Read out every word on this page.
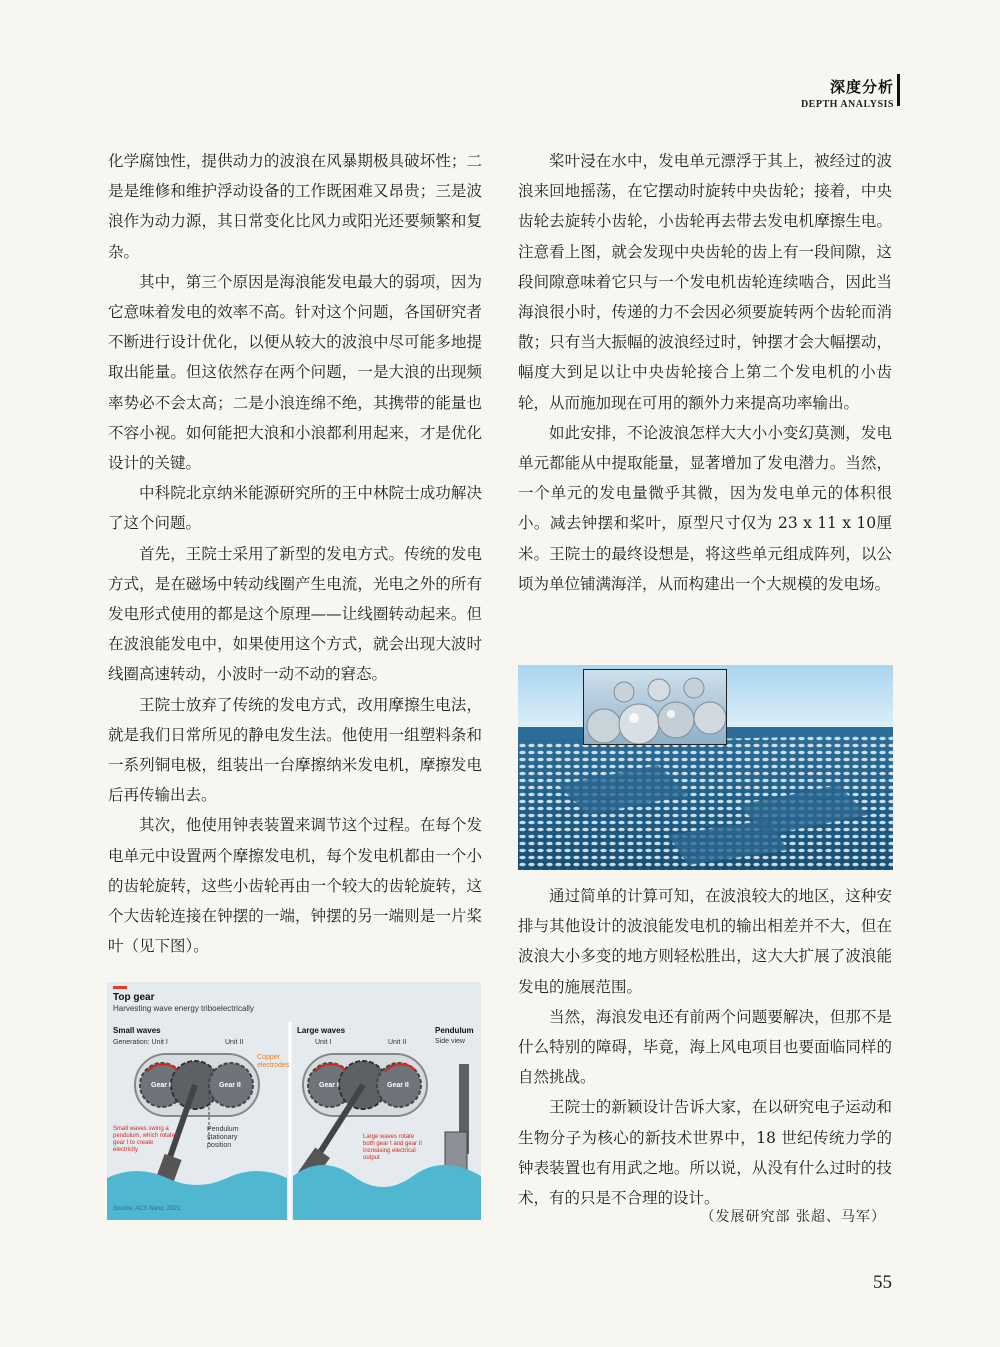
深度分析
DEPTH ANALYSIS

化学腐蚀性，提供动力的波浪在风暴期极具破坏性；二是是维修和维护浮动设备的工作既困难又昂贵；三是波浪作为动力源，其日常变化比风力或阳光还要频繁和复杂。

其中，第三个原因是海浪能发电最大的弱项，因为它意味着发电的效率不高。针对这个问题，各国研究者不断进行设计优化，以便从较大的波浪中尽可能多地提取出能量。但这依然存在两个问题，一是大浪的出现频率势必不会太高；二是小浪连绵不绝，其携带的能量也不容小视。如何能把大浪和小浪都利用起来，才是优化设计的关键。

中科院北京纳米能源研究所的王中林院士成功解决了这个问题。

首先，王院士采用了新型的发电方式。传统的发电方式，是在磁场中转动线圈产生电流，光电之外的所有发电形式使用的都是这个原理——让线圈转动起来。但在波浪能发电中，如果使用这个方式，就会出现大波时线圈高速转动，小波时一动不动的窘态。

王院士放弃了传统的发电方式，改用摩擦生电法，就是我们日常所见的静电发生法。他使用一组塑料条和一系列铜电极，组装出一台摩擦纳米发电机，摩擦发电后再传输出去。

其次，他使用钟表装置来调节这个过程。在每个发电单元中设置两个摩擦发电机，每个发电机都由一个小的齿轮旋转，这些小齿轮再由一个较大的齿轮旋转，这个大齿轮连接在钟摆的一端，钟摆的另一端则是一片桨叶（见下图）。

Top gear
Harvesting wave energy triboelectrically
Small waves
Generation: Unit I	Unit II
Large waves
Unit I	Unit II
Pendulum
Side view
Copper electrodes
Gear I	Gear II	Gear I	Gear II
Small waves swing a pendulum, which rotates gear I to create electricity
Pendulum stationary position
Large waves rotate both gear I and gear II increasing electrical output
Source: ACS Nano, 2021

桨叶浸在水中，发电单元漂浮于其上，被经过的波浪来回地摇荡，在它摆动时旋转中央齿轮；接着，中央齿轮去旋转小齿轮，小齿轮再去带去发电机摩擦生电。注意看上图，就会发现中央齿轮的齿上有一段间隙，这段间隙意味着它只与一个发电机齿轮连续啮合，因此当海浪很小时，传递的力不会因必须要旋转两个齿轮而消散；只有当大振幅的波浪经过时，钟摆才会大幅摆动，幅度大到足以让中央齿轮接合上第二个发电机的小齿轮，从而施加现在可用的额外力来提高功率输出。

如此安排，不论波浪怎样大大小小变幻莫测，发电单元都能从中提取能量，显著增加了发电潜力。当然，一个单元的发电量微乎其微，因为发电单元的体积很小。减去钟摆和桨叶，原型尺寸仅为 23 x 11 x 10厘米。王院士的最终设想是，将这些单元组成阵列，以公顷为单位铺满海洋，从而构建出一个大规模的发电场。

通过简单的计算可知，在波浪较大的地区，这种安排与其他设计的波浪能发电机的输出相差并不大，但在波浪大小多变的地方则轻松胜出，这大大扩展了波浪能发电的施展范围。

当然，海浪发电还有前两个问题要解决，但那不是什么特别的障碍，毕竟，海上风电项目也要面临同样的自然挑战。

王院士的新颖设计告诉大家，在以研究电子运动和生物分子为核心的新技术世界中，18 世纪传统力学的钟表装置也有用武之地。所以说，从没有什么过时的技术，有的只是不合理的设计。

（发展研究部 张超、马军）
55
